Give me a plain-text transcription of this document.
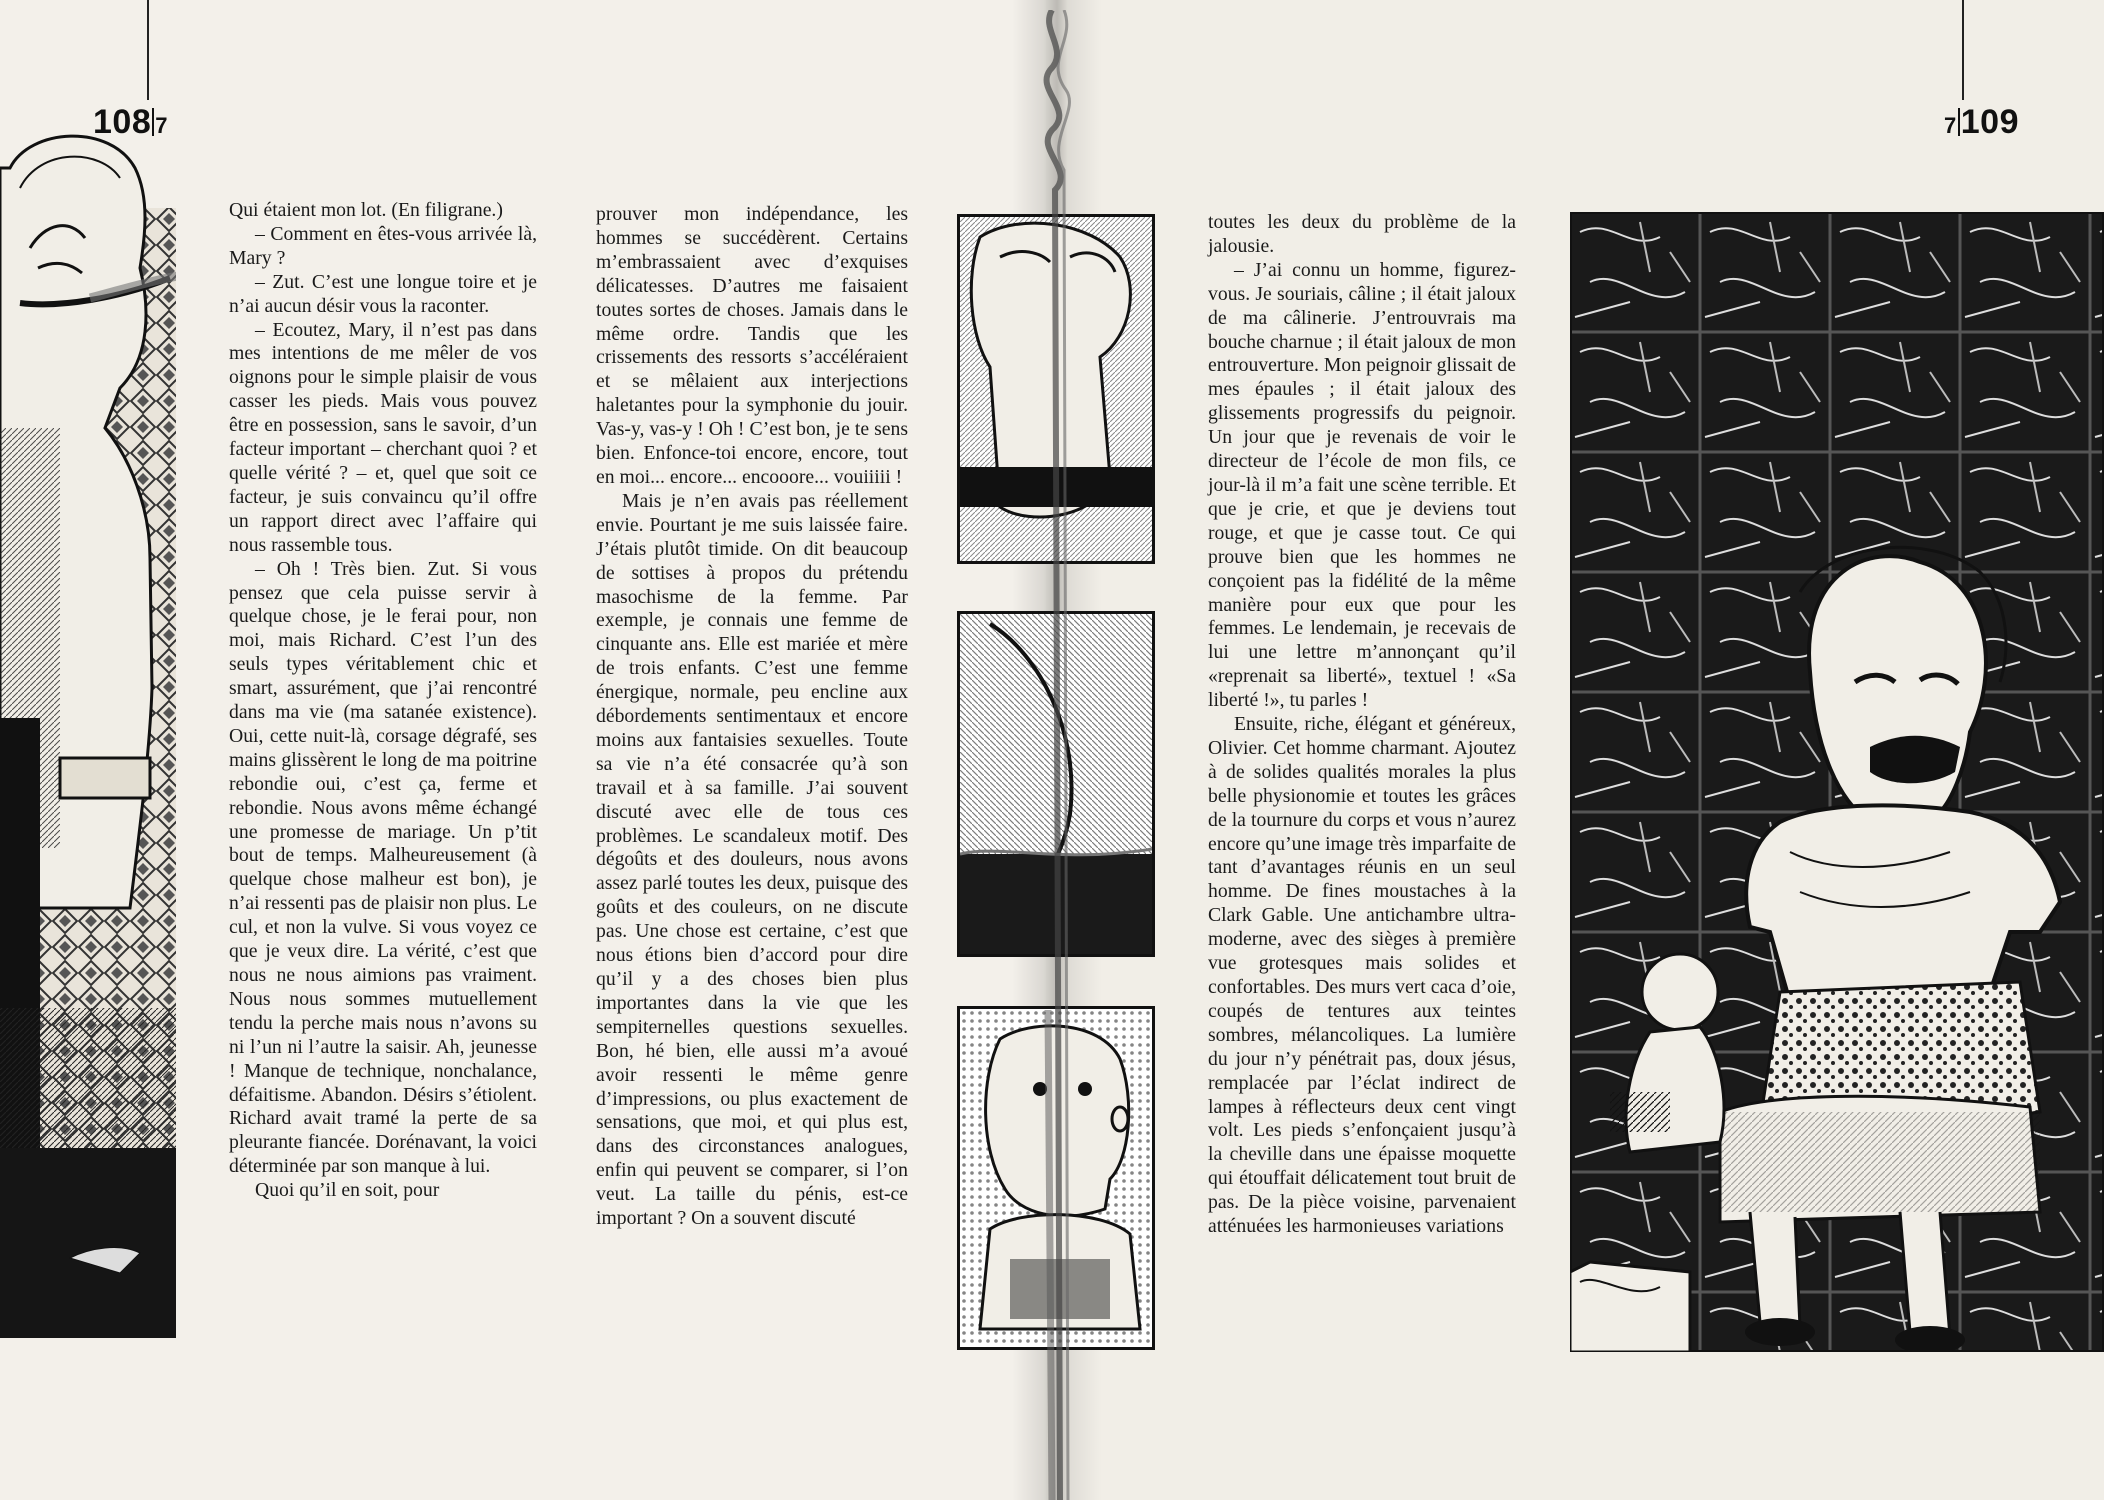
108 7

Qui étaient mon lot. (En filigrane.)

– Comment en êtes-vous arrivée là, Mary ?

– Zut. C’est une longue toire et je n’ai aucun désir vous la raconter.

– Ecoutez, Mary, il n’est pas dans mes intentions de me mêler de vos oignons pour le simple plaisir de vous casser les pieds. Mais vous pouvez être en possession, sans le savoir, d’un facteur important – cherchant quoi ? et quelle vérité ? – et, quel que soit ce facteur, je suis convaincu qu’il offre un rapport direct avec l’affaire qui nous rassemble tous.

– Oh ! Très bien. Zut. Si vous pensez que cela puisse servir à quelque chose, je le ferai pour, non moi, mais Richard. C’est l’un des seuls types véritablement chic et smart, assurément, que j’ai rencontré dans ma vie (ma satanée existence). Oui, cette nuit-là, corsage dégrafé, ses mains glissèrent le long de ma poitrine rebondie oui, c’est ça, ferme et rebondie. Nous avons même échangé une promesse de mariage. Un p’tit bout de temps. Malheureusement (à quelque chose malheur est bon), je n’ai ressenti pas de plaisir non plus. Le cul, et non la vulve. Si vous voyez ce que je veux dire. La vérité, c’est que nous ne nous aimions pas vraiment. Nous nous sommes mutuellement tendu la perche mais nous n’avons su ni l’un ni l’autre la saisir. Ah, jeunesse ! Manque de technique, nonchalance, défaitisme. Abandon. Désirs s’étiolent. Richard avait tramé la perte de sa pleurante fiancée. Dorénavant, la voici déterminée par son manque à lui.

Quoi qu’il en soit, pour

prouver mon indépendance, les hommes se succédèrent. Certains m’embrassaient avec d’exquises délicatesses. D’autres me faisaient toutes sortes de choses. Jamais dans le même ordre. Tandis que les crissements des ressorts s’accéléraient et se mêlaient aux interjections haletantes pour la symphonie du jouir. Vas-y, vas-y ! Oh ! C’est bon, je te sens bien. Enfonce-toi encore, encore, tout en moi... encore... encooore... vouiiiii !

Mais je n’en avais pas réellement envie. Pourtant je me suis laissée faire. J’étais plutôt timide. On dit beaucoup de sottises à propos du prétendu masochisme de la femme. Par exemple, je connais une femme de cinquante ans. Elle est mariée et mère de trois enfants. C’est une femme énergique, normale, peu encline aux débordements sentimentaux et encore moins aux fantaisies sexuelles. Toute sa vie n’a été consacrée qu’à son travail et à sa famille. J’ai souvent discuté avec elle de tous ces problèmes. Le scandaleux motif. Des dégoûts et des douleurs, nous avons assez parlé toutes les deux, puisque des goûts et des couleurs, on ne discute pas. Une chose est certaine, c’est que nous étions bien d’accord pour dire qu’il y a des choses bien plus importantes dans la vie que les sempiternelles questions sexuelles. Bon, hé bien, elle aussi m’a avoué avoir ressenti le même genre d’impressions, ou plus exactement de sensations, que moi, et qui plus est, dans des circonstances analogues, enfin qui peuvent se comparer, si l’on veut. La taille du pénis, est-ce important ? On a souvent discuté

7 109

toutes les deux du problème de la jalousie.

– J’ai connu un homme, figurez-vous. Je souriais, câline ; il était jaloux de ma câlinerie. J’entrouvrais ma bouche charnue ; il était jaloux de mon entrouverture. Mon peignoir glissait de mes épaules ; il était jaloux des glissements progressifs du peignoir. Un jour que je revenais de voir le directeur de l’école de mon fils, ce jour-là il m’a fait une scène terrible. Et que je crie, et que je deviens tout rouge, et que je casse tout. Ce qui prouve bien que les hommes ne conçoient pas la fidélité de la même manière pour eux que pour les femmes. Le lendemain, je recevais de lui une lettre m’annonçant qu’il «reprenait sa liberté», textuel ! «Sa liberté !», tu parles !

Ensuite, riche, élégant et généreux, Olivier. Cet homme charmant. Ajoutez à de solides qualités morales la plus belle physionomie et toutes les grâces de la tournure du corps et vous n’aurez encore qu’une image très imparfaite de tant d’avantages réunis en un seul homme. De fines moustaches à la Clark Gable. Une antichambre ultra-moderne, avec des sièges à première vue grotesques mais solides et confortables. Des murs vert caca d’oie, coupés de tentures aux teintes sombres, mélancoliques. La lumière du jour n’y pénétrait pas, doux jésus, remplacée par l’éclat indirect de lampes à réflecteurs deux cent vingt volt. Les pieds s’enfonçaient jusqu’à la cheville dans une épaisse moquette qui étouffait délicatement tout bruit de pas. De la pièce voisine, parvenaient atténuées les harmonieuses variations
